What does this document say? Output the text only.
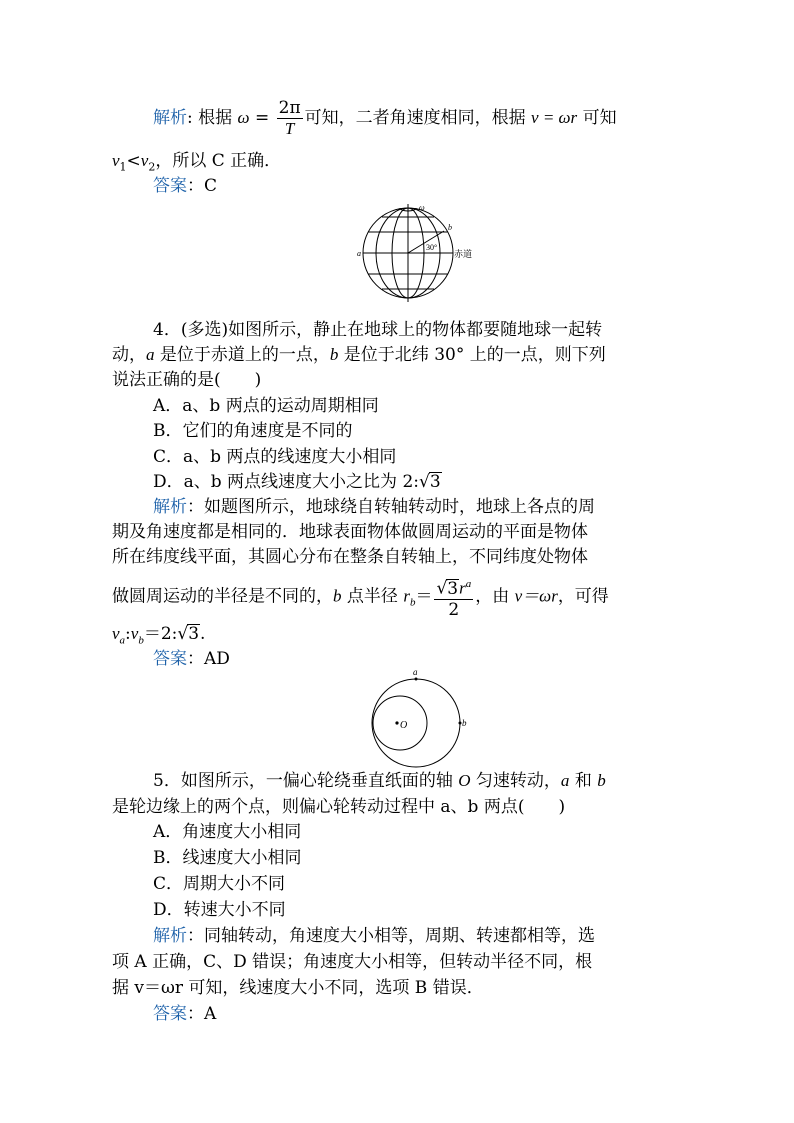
解析: 根据 $\omega = \frac{2\pi}{T}$ 可知，二者角速度相同，根据 v = ωr 可知
$v_1<v_2$，所以 C 正确．
答案：C
ω
b
a
30°
赤道
4．(多选)如图所示，静止在地球上的物体都要随地球一起转
动，a 是位于赤道上的一点，b 是位于北纬 30° 上的一点，则下列
说法正确的是(　　)
A．a、b 两点的运动周期相同
B．它们的角速度是不同的
C．a、b 两点的线速度大小相同
D．a、b 两点线速度大小之比为 2:√3
解析：如题图所示，地球绕自转轴转动时，地球上各点的周
期及角速度都是相同的．地球表面物体做圆周运动的平面是物体
所在纬度线平面，其圆心分布在整条自转轴上，不同纬度处物体
做圆周运动的半径是不同的，b 点半径 $r_b= \frac{√3r^a}{2}$ ，由 v＝ωr，可得
$v_a:v_b=2:√3$.
答案：AD
a
b
O
5．如图所示，一偏心轮绕垂直纸面的轴 O 匀速转动，a 和 b
是轮边缘上的两个点，则偏心轮转动过程中 a、b 两点(　　)
A．角速度大小相同
B．线速度大小相同
C．周期大小不同
D．转速大小不同
解析：同轴转动，角速度大小相等，周期、转速都相等，选
项 A 正确，C、D 错误；角速度大小相等，但转动半径不同，根
据 v＝ωr 可知，线速度大小不同，选项 B 错误．
答案：A
